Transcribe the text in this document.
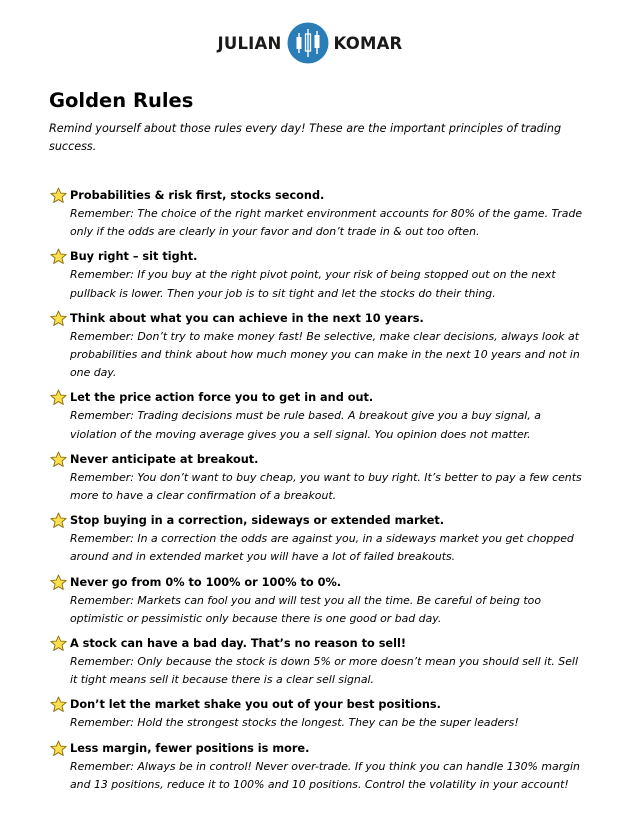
JULIAN	KOMAR
Golden Rules

Remind yourself about those rules every day! These are the important principles of trading success.

Probabilities & risk first, stocks second.
Remember: The choice of the right market environment accounts for 80% of the game. Trade only if the odds are clearly in your favor and don’t trade in & out too often.
Buy right – sit tight.
Remember: If you buy at the right pivot point, your risk of being stopped out on the next pullback is lower. Then your job is to sit tight and let the stocks do their thing.
Think about what you can achieve in the next 10 years.
Remember: Don’t try to make money fast! Be selective, make clear decisions, always look at probabilities and think about how much money you can make in the next 10 years and not in one day.
Let the price action force you to get in and out.
Remember: Trading decisions must be rule based. A breakout give you a buy signal, a violation of the moving average gives you a sell signal. You opinion does not matter.
Never anticipate at breakout.
Remember: You don’t want to buy cheap, you want to buy right. It’s better to pay a few cents more to have a clear confirmation of a breakout.
Stop buying in a correction, sideways or extended market.
Remember: In a correction the odds are against you, in a sideways market you get chopped around and in extended market you will have a lot of failed breakouts.
Never go from 0% to 100% or 100% to 0%.
Remember: Markets can fool you and will test you all the time. Be careful of being too optimistic or pessimistic only because there is one good or bad day.
A stock can have a bad day. That’s no reason to sell!
Remember: Only because the stock is down 5% or more doesn’t mean you should sell it. Sell it tight means sell it because there is a clear sell signal.
Don’t let the market shake you out of your best positions.
Remember: Hold the strongest stocks the longest. They can be the super leaders!
Less margin, fewer positions is more.
Remember: Always be in control! Never over-trade. If you think you can handle 130% margin and 13 positions, reduce it to 100% and 10 positions. Control the volatility in your account!
